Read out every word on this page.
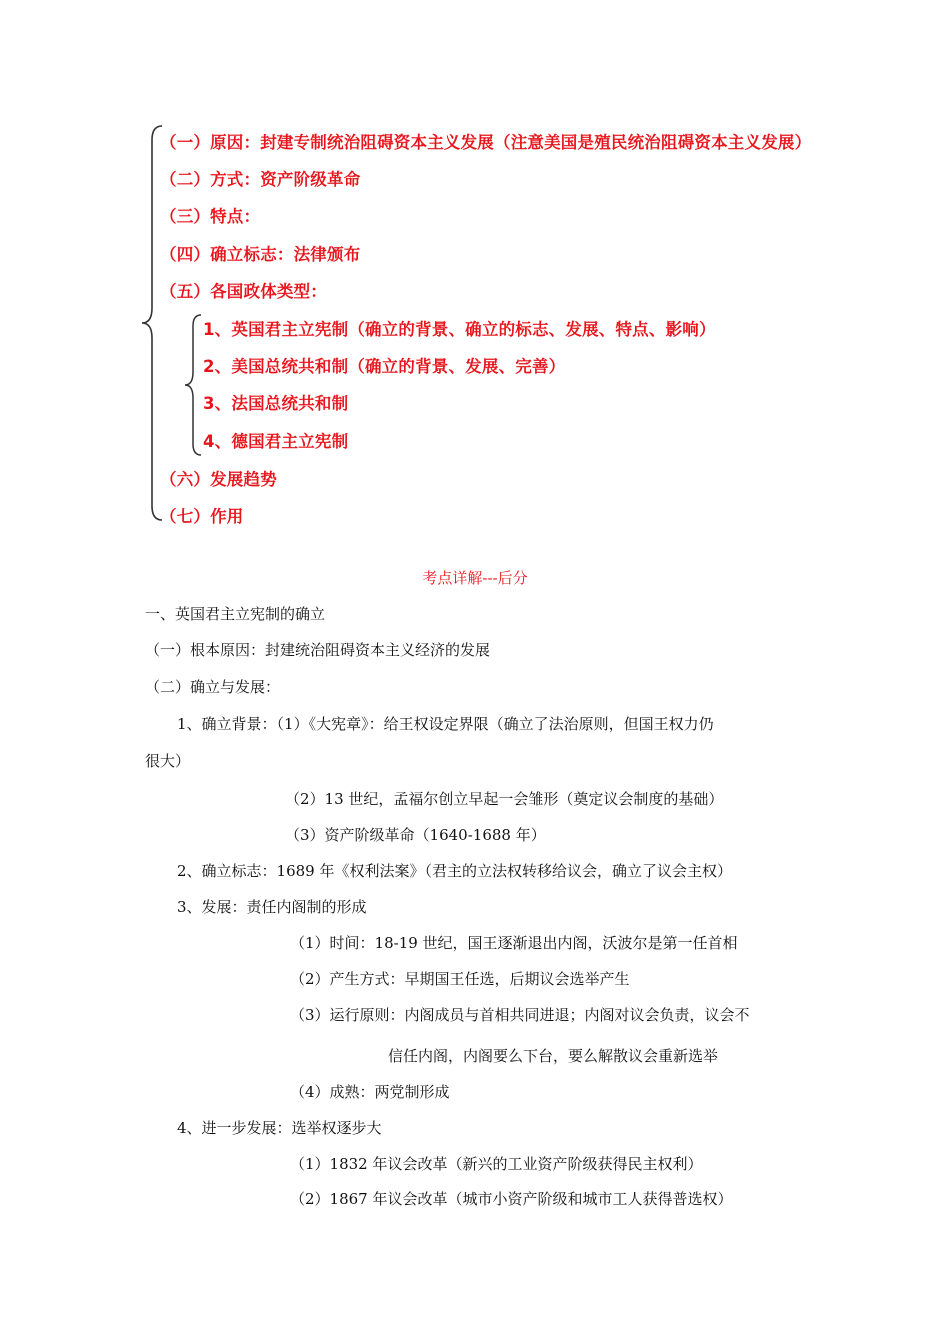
（一）原因：封建专制统治阻碍资本主义发展（注意美国是殖民统治阻碍资本主义发展）
（二）方式：资产阶级革命
（三）特点：
（四）确立标志：法律颁布
（五）各国政体类型：
1、英国君主立宪制（确立的背景、确立的标志、发展、特点、影响）
2、美国总统共和制（确立的背景、发展、完善）
3、法国总统共和制
4、德国君主立宪制
（六）发展趋势
（七）作用
考点详解---后分
一、英国君主立宪制的确立
（一）根本原因：封建统治阻碍资本主义经济的发展
（二）确立与发展：
1、确立背景：（1）《大宪章》：给王权设定界限（确立了法治原则，但国王权力仍
很大）
（2）13 世纪，孟福尔创立早起一会雏形（奠定议会制度的基础）
（3）资产阶级革命（1640-1688 年）
2、确立标志：1689 年《权利法案》（君主的立法权转移给议会，确立了议会主权）
3、发展：责任内阁制的形成
（1）时间：18-19 世纪，国王逐渐退出内阁，沃波尔是第一任首相
（2）产生方式：早期国王任选，后期议会选举产生
（3）运行原则：内阁成员与首相共同进退；内阁对议会负责，议会不
信任内阁，内阁要么下台，要么解散议会重新选举
（4）成熟：两党制形成
4、进一步发展：选举权逐步大
（1）1832 年议会改革（新兴的工业资产阶级获得民主权利）
（2）1867 年议会改革（城市小资产阶级和城市工人获得普选权）
